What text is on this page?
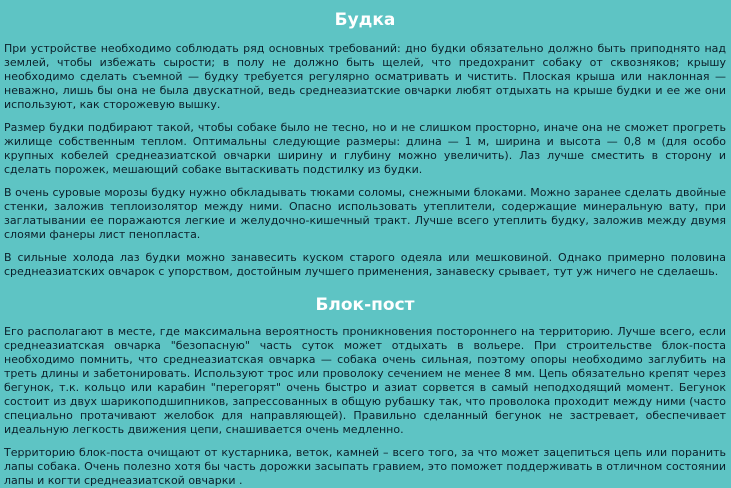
Будка

При устройстве необходимо соблюдать ряд основных требований: дно будки обязательно должно быть приподнято над землей, чтобы избежать сырости; в полу не должно быть щелей, что предохранит собаку от сквозняков; крышу необходимо сделать съемной — будку требуется регулярно осматривать и чистить. Плоская крыша или наклонная — неважно, лишь бы она не была двускатной, ведь среднеазиатские овчарки любят отдыхать на крыше будки и ее же они используют, как сторожевую вышку.

Размер будки подбирают такой, чтобы собаке было не тесно, но и не слишком просторно, иначе она не сможет прогреть жилище собственным теплом. Оптимальны следующие размеры: длина — 1 м, ширина и высота — 0,8 м (для особо крупных кобелей среднеазиатской овчарки ширину и глубину можно увеличить). Лаз лучше сместить в сторону и сделать порожек, мешающий собаке вытаскивать подстилку из будки.

В очень суровые морозы будку нужно обкладывать тюками соломы, снежными блоками. Можно заранее сделать двойные стенки, заложив теплоизолятор между ними. Опасно использовать утеплители, содержащие минеральную вату, при заглатывании ее поражаются легкие и желудочно-кишечный тракт. Лучше всего утеплить будку, заложив между двумя слоями фанеры лист пенопласта.

В сильные холода лаз будки можно занавесить куском старого одеяла или мешковиной. Однако примерно половина среднеазиатских овчарок с упорством, достойным лучшего применения, занавеску срывает, тут уж ничего не сделаешь.

Блок-пост

Его располагают в месте, где максимальна вероятность проникновения постороннего на территорию. Лучше всего, если среднеазиатская овчарка "безопасную" часть суток может отдыхать в вольере. При строительстве блок-поста необходимо помнить, что среднеазиатская овчарка — собака очень сильная, поэтому опоры необходимо заглубить на треть длины и забетонировать. Используют трос или проволоку сечением не менее 8 мм. Цепь обязательно крепят через бегунок, т.к. кольцо или карабин "перегорят" очень быстро и азиат сорвется в самый неподходящий момент. Бегунок состоит из двух шарикоподшипников, запрессованных в общую рубашку так, что проволока проходит между ними (часто специально протачивают желобок для направляющей). Правильно сделанный бегунок не застревает, обеспечивает идеальную легкость движения цепи, снашивается очень медленно.

Территорию блок-поста очищают от кустарника, веток, камней – всего того, за что может зацепиться цепь или поранить лапы собака. Очень полезно хотя бы часть дорожки засыпать гравием, это поможет поддерживать в отличном состоянии лапы и когти среднеазиатской овчарки .
